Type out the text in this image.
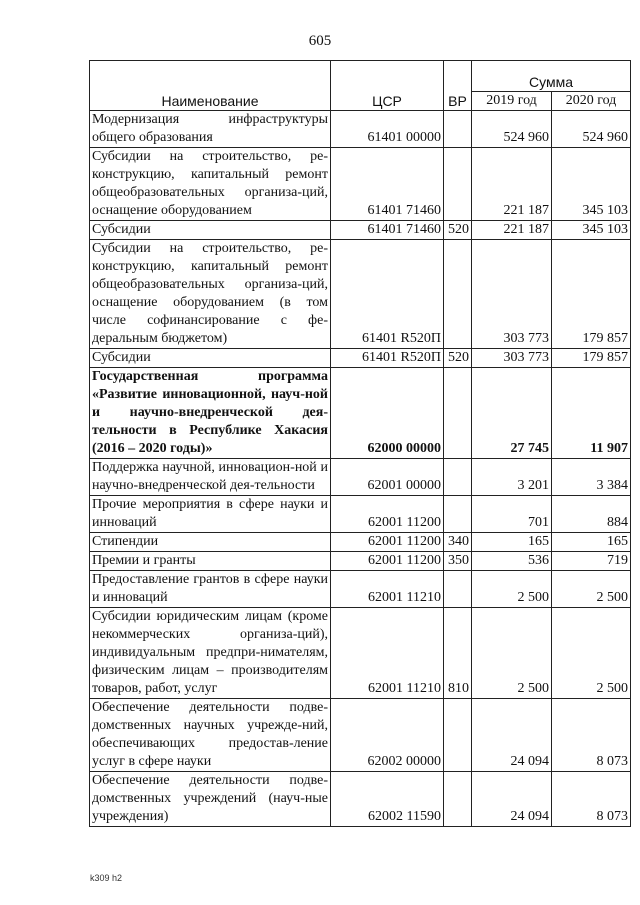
605
Наименование	ЦСР	ВР	Сумма	
			2019 год	2020 год
Модернизация инфраструктуры общего образования	61401 00000		524 960	524 960
Субсидии на строительство, ре-конструкцию, капитальный ремонт общеобразовательных организа-ций, оснащение оборудованием	61401 71460		221 187	345 103
Субсидии	61401 71460	520	221 187	345 103
Субсидии на строительство, ре-конструкцию, капитальный ремонт общеобразовательных организа-ций, оснащение оборудованием (в том числе софинансирование с фе-деральным бюджетом)	61401 R520П		303 773	179 857
Субсидии	61401 R520П	520	303 773	179 857
Государственная программа «Развитие инновационной, науч-ной и научно-внедренческой дея-тельности в Республике Хакасия (2016 – 2020 годы)»	62000 00000		27 745	11 907
Поддержка научной, инновацион-ной и научно-внедренческой дея-тельности	62001 00000		3 201	3 384
Прочие мероприятия в сфере науки и инноваций	62001 11200		701	884
Стипендии	62001 11200	340	165	165
Премии и гранты	62001 11200	350	536	719
Предоставление грантов в сфере науки и инноваций	62001 11210		2 500	2 500
Субсидии юридическим лицам (кроме некоммерческих организа-ций), индивидуальным предпри-нимателям, физическим лицам – производителям товаров, работ, услуг	62001 11210	810	2 500	2 500
Обеспечение деятельности подве-домственных научных учрежде-ний, обеспечивающих предостав-ление услуг в сфере науки	62002 00000		24 094	8 073
Обеспечение деятельности подве-домственных учреждений (науч-ные учреждения)	62002 11590		24 094	8 073
k309 h2
